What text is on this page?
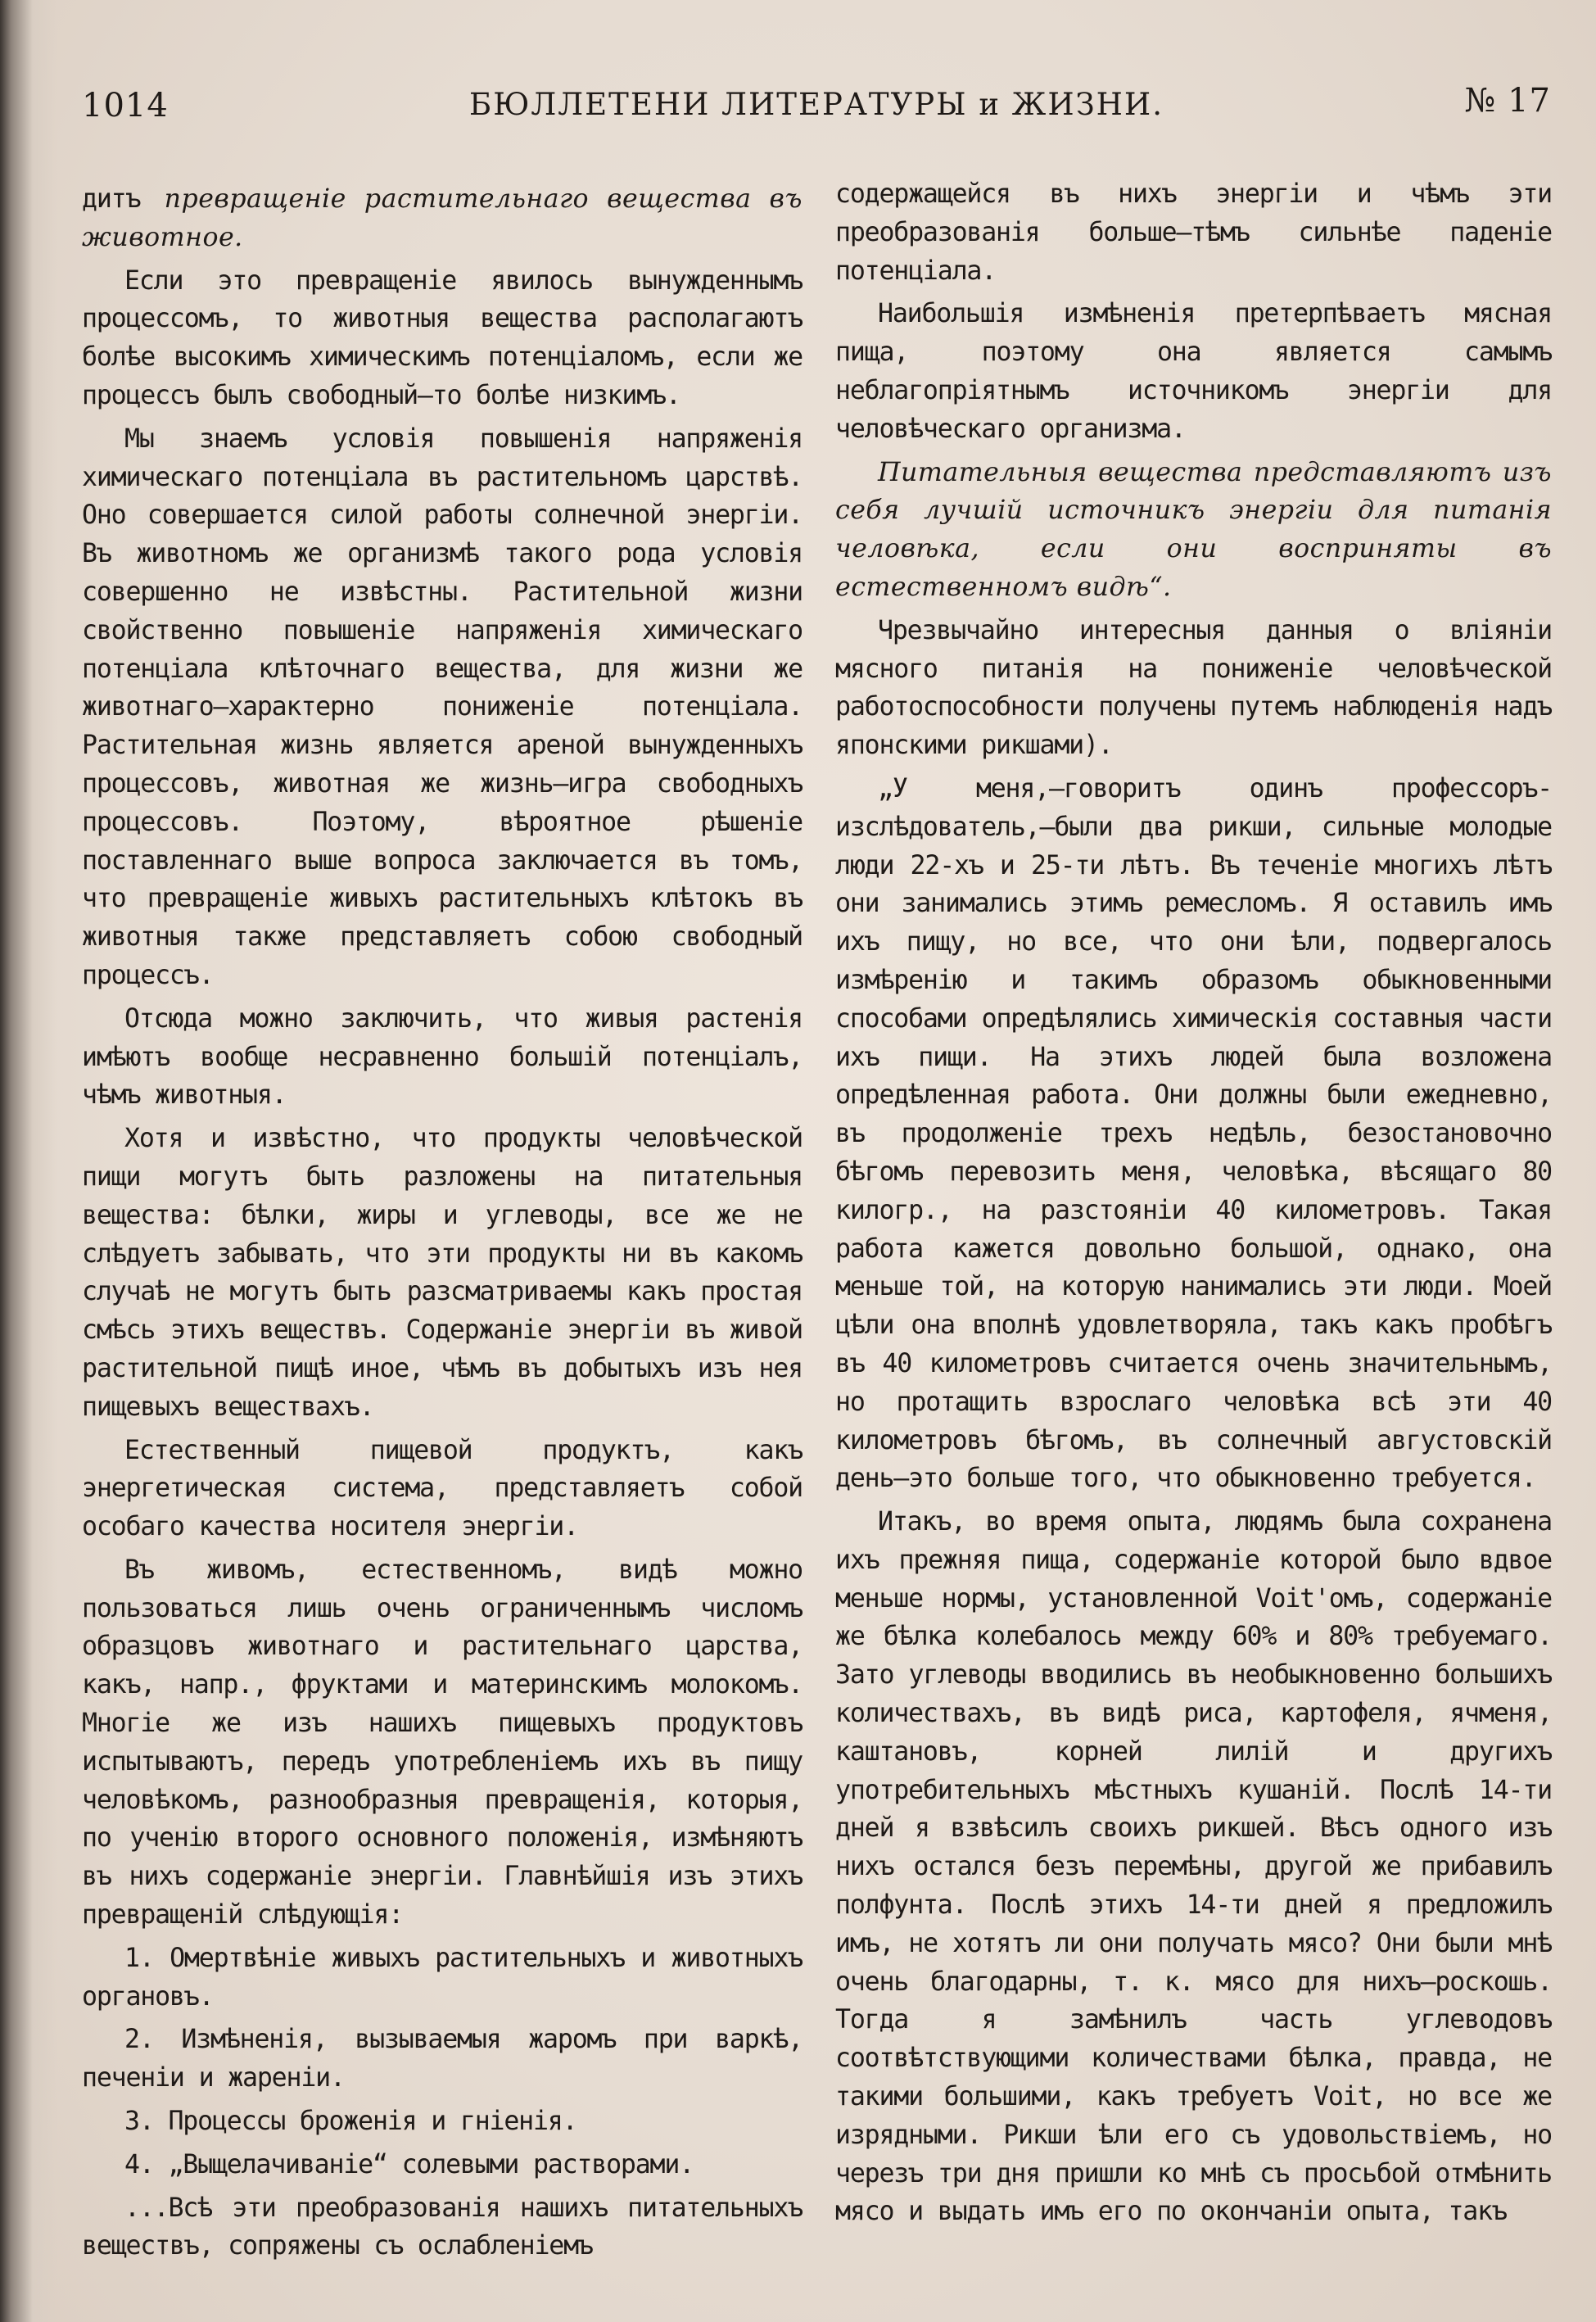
1014	БЮЛЛЕТЕНИ ЛИТЕРАТУРЫ и ЖИЗНИ.	№ 17

дитъ превращеніе растительнаго вещества въ животное.

Если это превращеніе явилось вынужденнымъ процессомъ, то животныя вещества располагаютъ болѣе высокимъ химическимъ потенціаломъ, если же процессъ былъ свободный—то болѣе низкимъ.

Мы знаемъ условія повышенія напряженія химическаго потенціала въ растительномъ царствѣ. Оно совершается силой работы солнечной энергіи. Въ животномъ же организмѣ такого рода условія совершенно не извѣстны. Растительной жизни свойственно повышеніе напряженія химическаго потенціала клѣточнаго вещества, для жизни же животнаго—характерно пониженіе потенціала. Растительная жизнь является ареной вынужденныхъ процессовъ, животная же жизнь—игра свободныхъ процессовъ. Поэтому, вѣроятное рѣшеніе поставленнаго выше вопроса заключается въ томъ, что превращеніе живыхъ растительныхъ клѣтокъ въ животныя также представляетъ собою свободный процессъ.

Отсюда можно заключить, что живыя растенія имѣютъ вообще несравненно большій потенціалъ, чѣмъ животныя.

Хотя и извѣстно, что продукты человѣческой пищи могутъ быть разложены на питательныя вещества: бѣлки, жиры и углеводы, все же не слѣдуетъ забывать, что эти продукты ни въ какомъ случаѣ не могутъ быть разсматриваемы какъ простая смѣсь этихъ веществъ. Содержаніе энергіи въ живой растительной пищѣ иное, чѣмъ въ добытыхъ изъ нея пищевыхъ веществахъ.

Естественный пищевой продуктъ, какъ энергетическая система, представляетъ собой особаго качества носителя энергіи.

Въ живомъ, естественномъ, видѣ можно пользоваться лишь очень ограниченнымъ числомъ образцовъ животнаго и растительнаго царства, какъ, напр., фруктами и материнскимъ молокомъ. Многіе же изъ нашихъ пищевыхъ продуктовъ испытываютъ, передъ употребленіемъ ихъ въ пищу человѣкомъ, разнообразныя превращенія, которыя, по ученію второго основного положенія, измѣняютъ въ нихъ содержаніе энергіи. Главнѣйшія изъ этихъ превращеній слѣдующія:

1. Омертвѣніе живыхъ растительныхъ и животныхъ органовъ.

2. Измѣненія, вызываемыя жаромъ при варкѣ, печеніи и жареніи.

3. Процессы броженія и гніенія.

4. „Выщелачиваніе“ солевыми растворами.

...Всѣ эти преобразованія нашихъ питательныхъ веществъ, сопряжены съ ослабленіемъ

содержащейся въ нихъ энергіи и чѣмъ эти преобразованія больше—тѣмъ сильнѣе паденіе потенціала.

Наибольшія измѣненія претерпѣваетъ мясная пища, поэтому она является самымъ неблагопріятнымъ источникомъ энергіи для человѣческаго организма.

Питательныя вещества представляютъ изъ себя лучшій источникъ энергіи для питанія человѣка, если они восприняты въ естественномъ видѣ“.

Чрезвычайно интересныя данныя о вліяніи мясного питанія на пониженіе человѣческой работоспособности получены путемъ наблюденія надъ японскими рикшами).

„У меня,—говоритъ одинъ профессоръ-изслѣдователь,—были два рикши, сильные молодые люди 22-хъ и 25-ти лѣтъ. Въ теченіе многихъ лѣтъ они занимались этимъ ремесломъ. Я оставилъ имъ ихъ пищу, но все, что они ѣли, подвергалось измѣренію и такимъ образомъ обыкновенными способами опредѣлялись химическія составныя части ихъ пищи. На этихъ людей была возложена опредѣленная работа. Они должны были ежедневно, въ продолженіе трехъ недѣль, безостановочно бѣгомъ перевозить меня, человѣка, вѣсящаго 80 килогр., на разстояніи 40 километровъ. Такая работа кажется довольно большой, однако, она меньше той, на которую нанимались эти люди. Моей цѣли она вполнѣ удовлетворяла, такъ какъ пробѣгъ въ 40 километровъ считается очень значительнымъ, но протащить взрослаго человѣка всѣ эти 40 километровъ бѣгомъ, въ солнечный августовскій день—это больше того, что обыкновенно требуется.

Итакъ, во время опыта, людямъ была сохранена ихъ прежняя пища, содержаніе которой было вдвое меньше нормы, установленной Voit'омъ, содержаніе же бѣлка колебалось между 60% и 80% требуемаго. Зато углеводы вводились въ необыкновенно большихъ количествахъ, въ видѣ риса, картофеля, ячменя, каштановъ, корней лилій и другихъ употребительныхъ мѣстныхъ кушаній. Послѣ 14-ти дней я взвѣсилъ своихъ рикшей. Вѣсъ одного изъ нихъ остался безъ перемѣны, другой же прибавилъ полфунта. Послѣ этихъ 14-ти дней я предложилъ имъ, не хотятъ ли они получать мясо? Они были мнѣ очень благодарны, т. к. мясо для нихъ—роскошь. Тогда я замѣнилъ часть углеводовъ соотвѣтствующими количествами бѣлка, правда, не такими большими, какъ требуетъ Voit, но все же изрядными. Рикши ѣли его съ удовольствіемъ, но черезъ три дня пришли ко мнѣ съ просьбой отмѣнить мясо и выдать имъ его по окончаніи опыта, такъ
